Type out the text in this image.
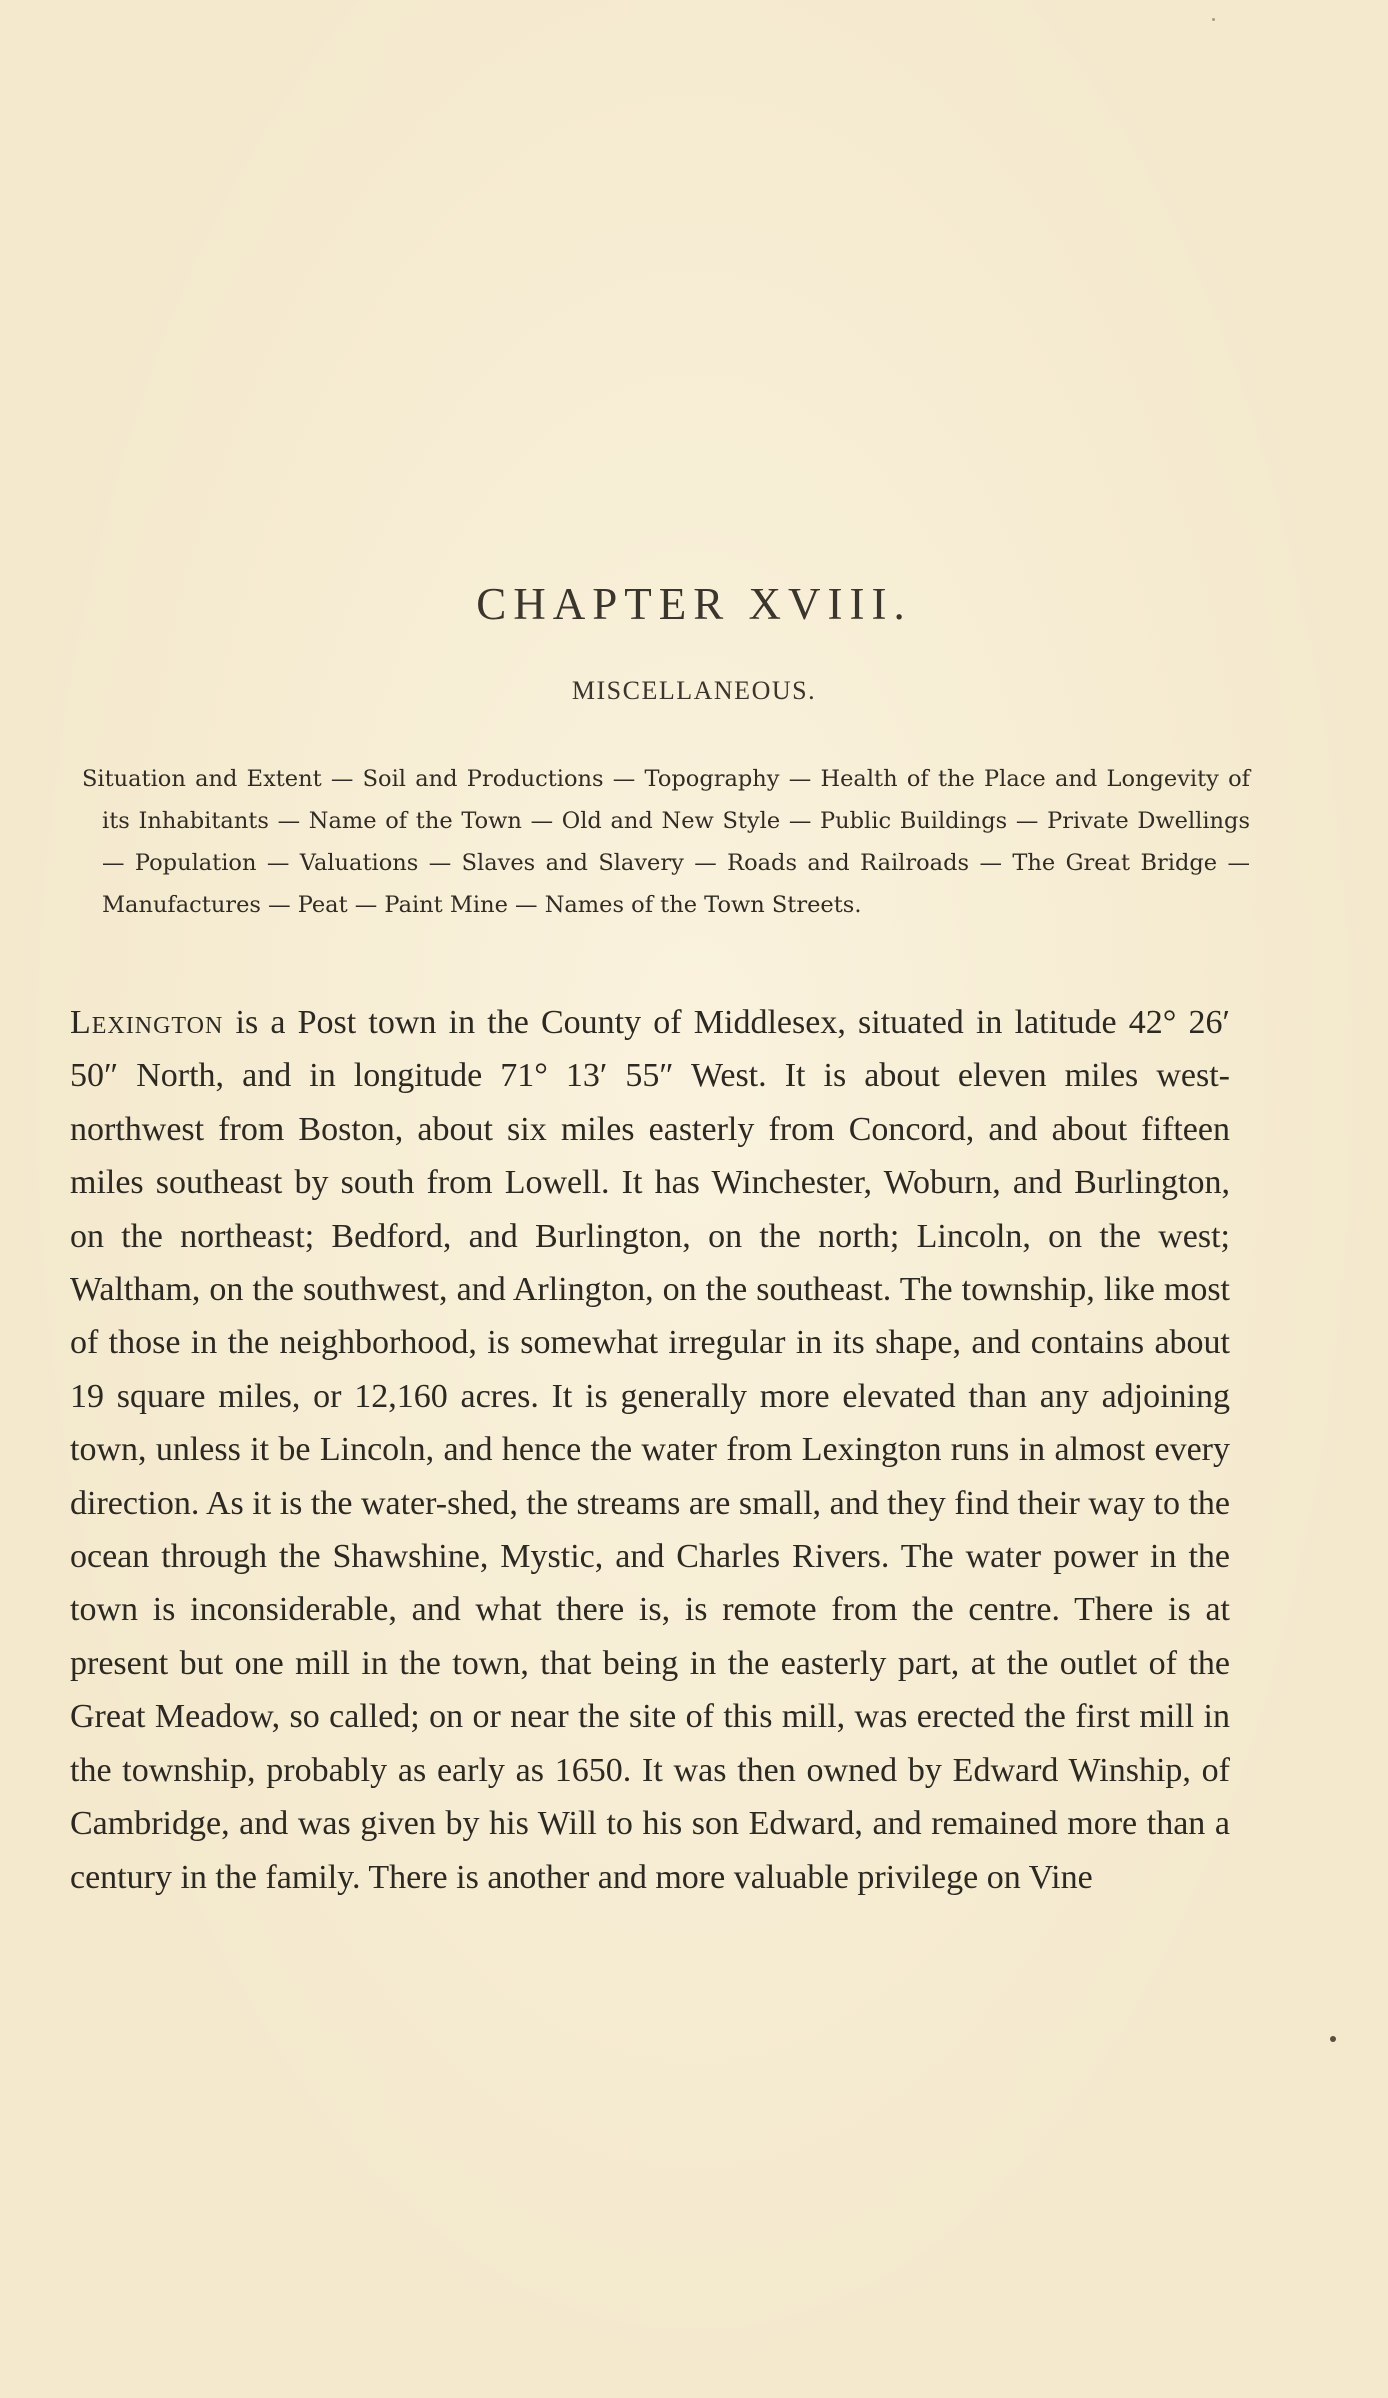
CHAPTER XVIII.
MISCELLANEOUS.

Situation and Extent — Soil and Productions — Topography — Health of the Place and Longevity of its Inhabitants — Name of the Town — Old and New Style — Public Buildings — Private Dwellings — Population — Valuations — Slaves and Slavery — Roads and Railroads — The Great Bridge — Manufactures — Peat — Paint Mine — Names of the Town Streets.

Lexington is a Post town in the County of Middlesex, situated in latitude 42° 26′ 50″ North, and in longitude 71° 13′ 55″ West. It is about eleven miles west-northwest from Boston, about six miles easterly from Concord, and about fifteen miles southeast by south from Lowell. It has Winchester, Woburn, and Burlington, on the northeast; Bedford, and Burlington, on the north; Lincoln, on the west; Waltham, on the southwest, and Arlington, on the southeast. The township, like most of those in the neighborhood, is somewhat irregular in its shape, and contains about 19 square miles, or 12,160 acres. It is generally more elevated than any adjoining town, unless it be Lincoln, and hence the water from Lexington runs in almost every direction. As it is the water-shed, the streams are small, and they find their way to the ocean through the Shawshine, Mystic, and Charles Rivers. The water power in the town is inconsiderable, and what there is, is remote from the centre. There is at present but one mill in the town, that being in the easterly part, at the outlet of the Great Meadow, so called; on or near the site of this mill, was erected the first mill in the township, probably as early as 1650. It was then owned by Edward Winship, of Cambridge, and was given by his Will to his son Edward, and remained more than a century in the family. There is another and more valuable privilege on Vine
